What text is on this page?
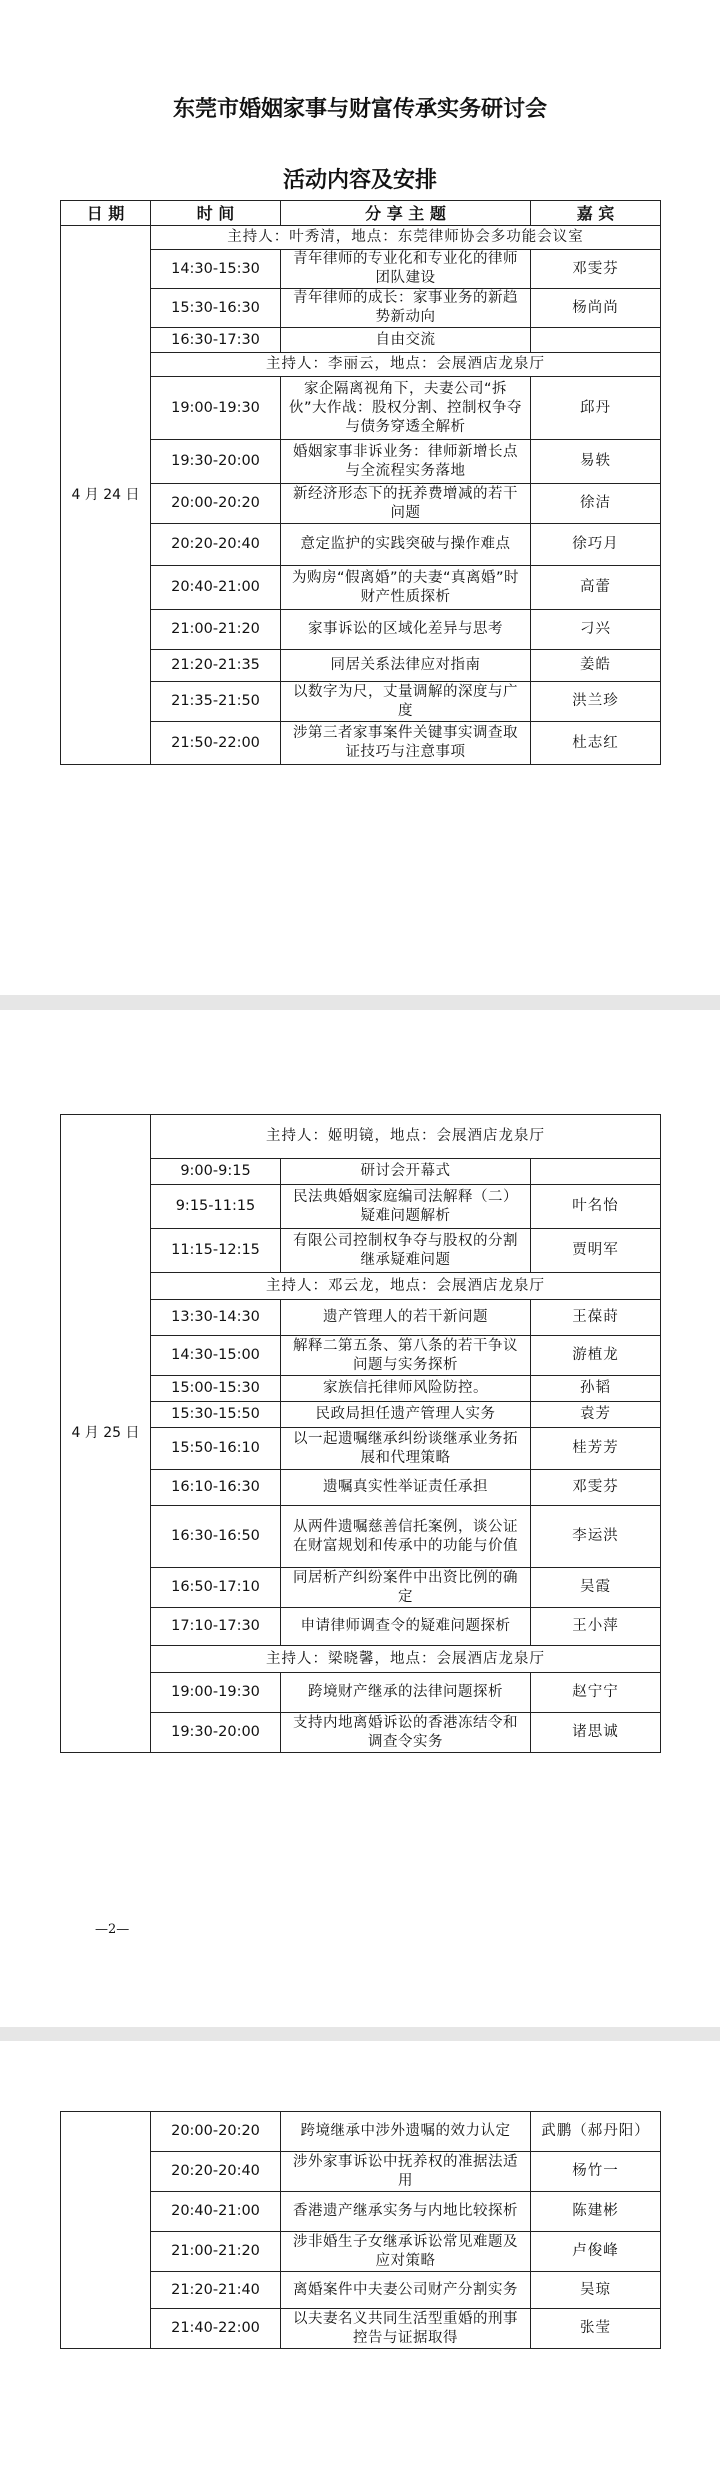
东莞市婚姻家事与财富传承实务研讨会
活动内容及安排
日 期	时 间	分 享 主 题	嘉 宾
4 月 24 日	主持人：叶秀清，地点：东莞律师协会多功能会议室		
	14:30-15:30	青年律师的专业化和专业化的律师团队建设	邓雯芬
	15:30-16:30	青年律师的成长：家事业务的新趋势新动向	杨尚尚
	16:30-17:30	自由交流	
	主持人：李丽云，地点：会展酒店龙泉厅		
	19:00-19:30	家企隔离视角下，夫妻公司“拆伙”大作战：股权分割、控制权争夺与债务穿透全解析	邱丹
	19:30-20:00	婚姻家事非诉业务：律师新增长点与全流程实务落地	易轶
	20:00-20:20	新经济形态下的抚养费增减的若干问题	徐洁
	20:20-20:40	意定监护的实践突破与操作难点	徐巧月
	20:40-21:00	为购房“假离婚”的夫妻“真离婚”时财产性质探析	高蕾
	21:00-21:20	家事诉讼的区域化差异与思考	刁兴
	21:20-21:35	同居关系法律应对指南	姜皓
	21:35-21:50	以数字为尺，丈量调解的深度与广度	洪兰珍
	21:50-22:00	涉第三者家事案件关键事实调查取证技巧与注意事项	杜志红
4 月 25 日	主持人：姬明镜，地点：会展酒店龙泉厅		
	9:00-9:15	研讨会开幕式	
	9:15-11:15	民法典婚姻家庭编司法解释（二）疑难问题解析	叶名怡
	11:15-12:15	有限公司控制权争夺与股权的分割继承疑难问题	贾明军
	主持人：邓云龙，地点：会展酒店龙泉厅		
	13:30-14:30	遗产管理人的若干新问题	王葆莳
	14:30-15:00	解释二第五条、第八条的若干争议问题与实务探析	游植龙
	15:00-15:30	家族信托律师风险防控。	孙韬
	15:30-15:50	民政局担任遗产管理人实务	袁芳
	15:50-16:10	以一起遗嘱继承纠纷谈继承业务拓展和代理策略	桂芳芳
	16:10-16:30	遗嘱真实性举证责任承担	邓雯芬
	16:30-16:50	从两件遗嘱慈善信托案例，谈公证在财富规划和传承中的功能与价值	李运洪
	16:50-17:10	同居析产纠纷案件中出资比例的确定	吴霞
	17:10-17:30	申请律师调查令的疑难问题探析	王小萍
	主持人：梁晓馨，地点：会展酒店龙泉厅		
	19:00-19:30	跨境财产继承的法律问题探析	赵宁宁
	19:30-20:00	支持内地离婚诉讼的香港冻结令和调查令实务	诸思诚
—2—
	20:00-20:20	跨境继承中涉外遗嘱的效力认定	武鹏（郝丹阳）
	20:20-20:40	涉外家事诉讼中抚养权的准据法适用	杨竹一
	20:40-21:00	香港遗产继承实务与内地比较探析	陈建彬
	21:00-21:20	涉非婚生子女继承诉讼常见难题及应对策略	卢俊峰
	21:20-21:40	离婚案件中夫妻公司财产分割实务	吴琼
	21:40-22:00	以夫妻名义共同生活型重婚的刑事控告与证据取得	张莹
